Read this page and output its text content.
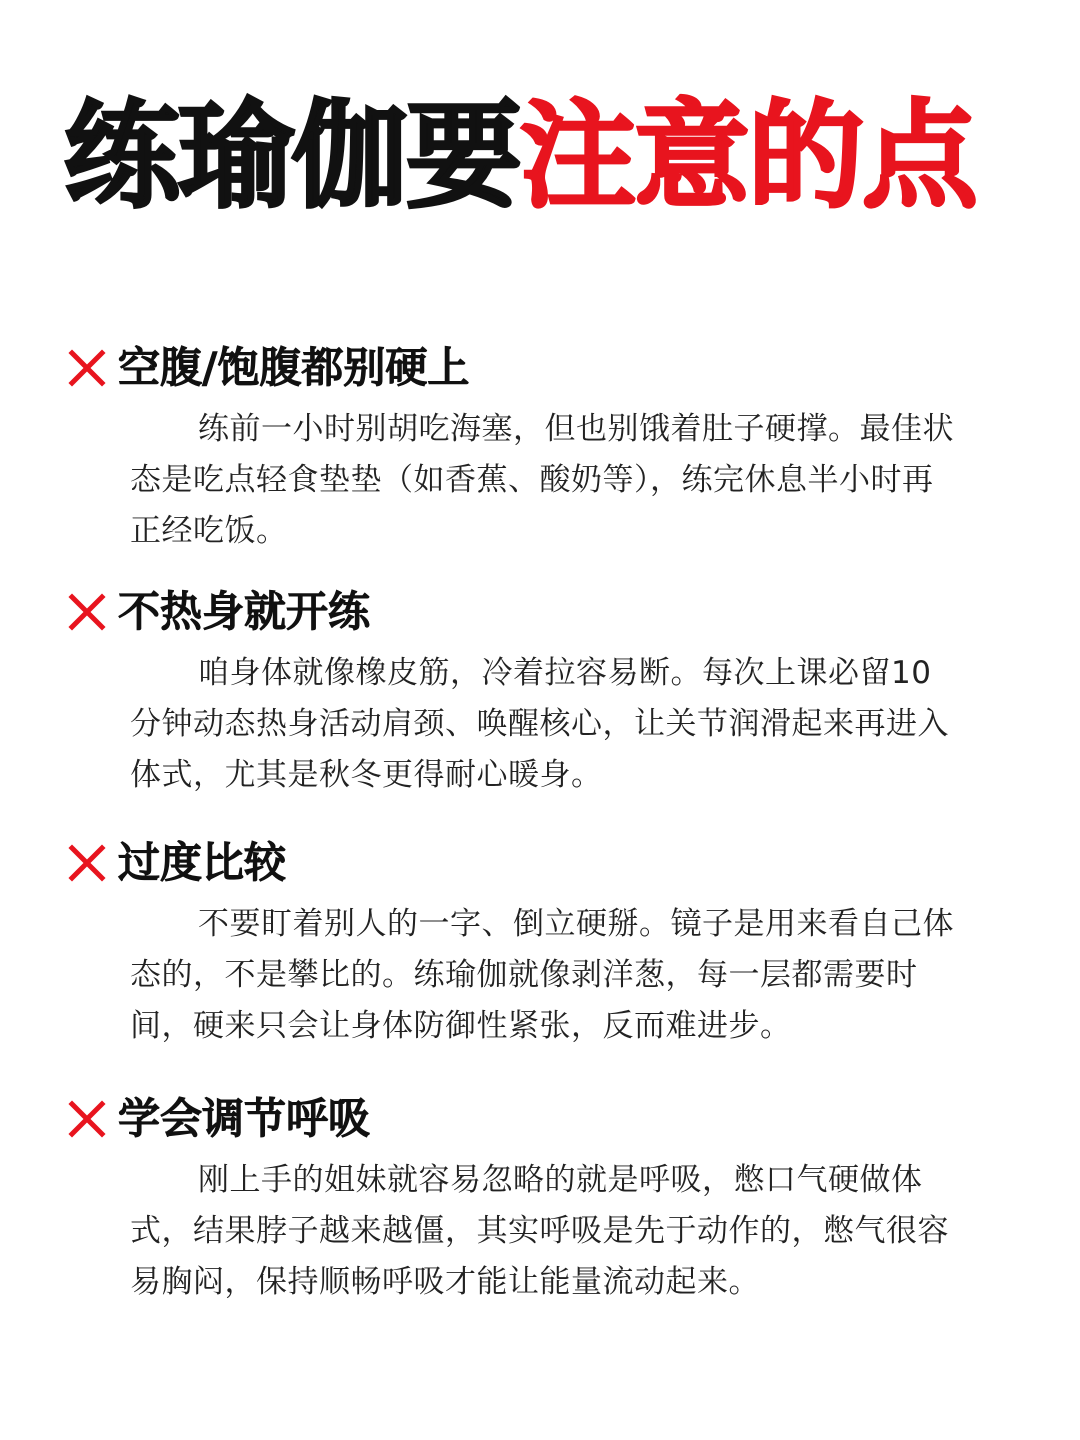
练瑜伽要注意的点
空腹/饱腹都别硬上
练前一小时别胡吃海塞，但也别饿着肚子硬撑。最佳状态是吃点轻食垫垫（如香蕉、酸奶等），练完休息半小时再正经吃饭。
不热身就开练
咱身体就像橡皮筋，冷着拉容易断。每次上课必留10分钟动态热身活动肩颈、唤醒核心，让关节润滑起来再进入体式，尤其是秋冬更得耐心暖身。
过度比较
不要盯着别人的一字、倒立硬掰。镜子是用来看自己体态的，不是攀比的。练瑜伽就像剥洋葱，每一层都需要时间，硬来只会让身体防御性紧张，反而难进步。
学会调节呼吸
刚上手的姐妹就容易忽略的就是呼吸，憋口气硬做体式，结果脖子越来越僵，其实呼吸是先于动作的，憋气很容易胸闷，保持顺畅呼吸才能让能量流动起来。
